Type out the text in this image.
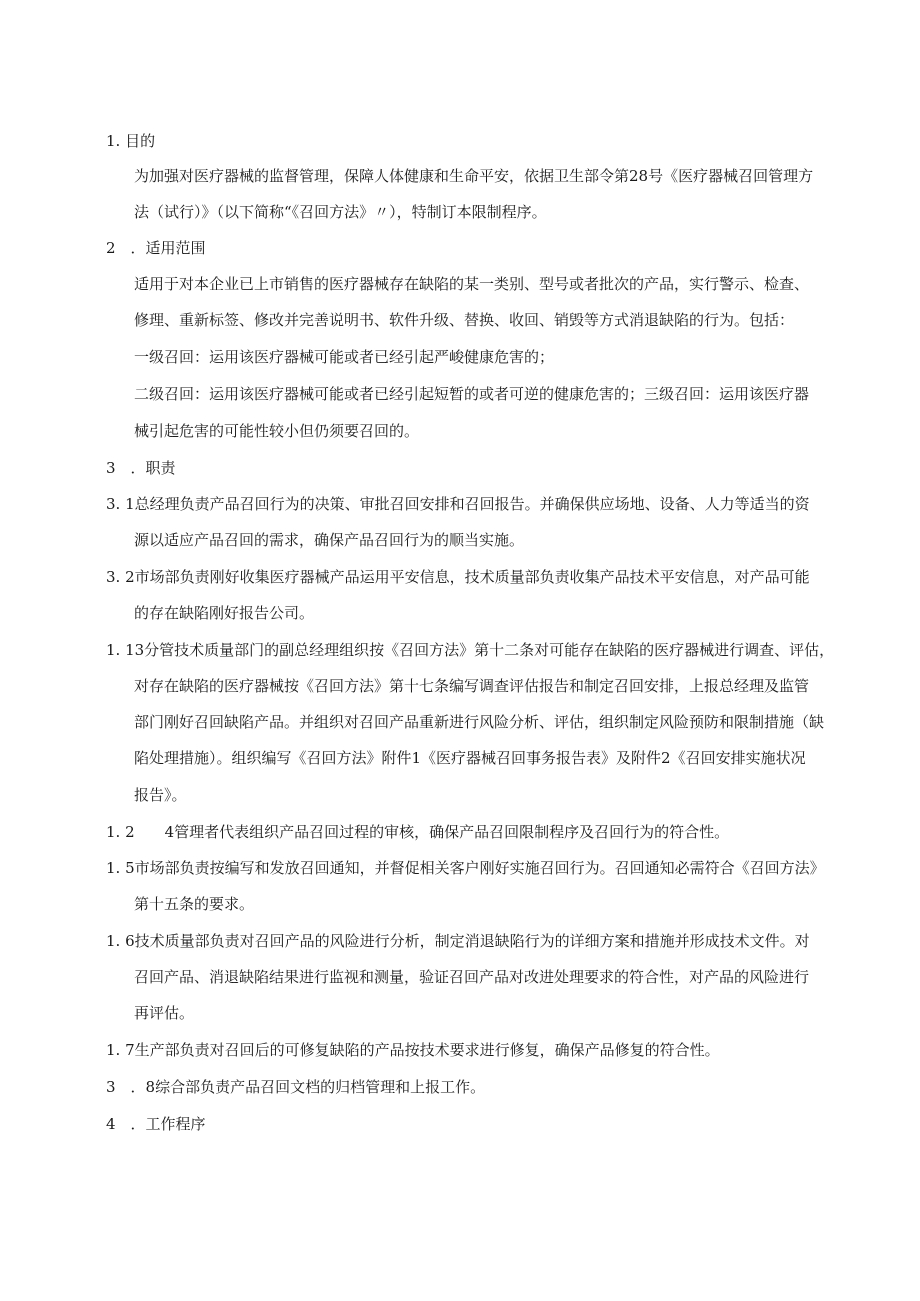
1. 目的
为加强对医疗器械的监督管理，保障人体健康和生命平安，依据卫生部令第28号《医疗器械召回管理方
法（试行）》（以下简称“《召回方法》〃），特制订本限制程序。
2　．适用范围
适用于对本企业已上市销售的医疗器械存在缺陷的某一类别、型号或者批次的产品，实行警示、检查、
修理、重新标签、修改并完善说明书、软件升级、替换、收回、销毁等方式消退缺陷的行为。包括：
一级召回：运用该医疗器械可能或者已经引起严峻健康危害的；
二级召回：运用该医疗器械可能或者已经引起短暂的或者可逆的健康危害的；三级召回：运用该医疗器
械引起危害的可能性较小但仍须要召回的。
3　．职责
3. 1总经理负责产品召回行为的决策、审批召回安排和召回报告。并确保供应场地、设备、人力等适当的资
源以适应产品召回的需求，确保产品召回行为的顺当实施。
3. 2市场部负责刚好收集医疗器械产品运用平安信息，技术质量部负责收集产品技术平安信息，对产品可能
的存在缺陷刚好报告公司。
1. 13分管技术质量部门的副总经理组织按《召回方法》第十二条对可能存在缺陷的医疗器械进行调查、评估，
对存在缺陷的医疗器械按《召回方法》第十七条编写调查评估报告和制定召回安排，上报总经理及监管
部门刚好召回缺陷产品。并组织对召回产品重新进行风险分析、评估，组织制定风险预防和限制措施（缺
陷处理措施）。组织编写《召回方法》附件1《医疗器械召回事务报告表》及附件2《召回安排实施状况
报告》。
1. 2　　4管理者代表组织产品召回过程的审核，确保产品召回限制程序及召回行为的符合性。
1. 5市场部负责按编写和发放召回通知，并督促相关客户刚好实施召回行为。召回通知必需符合《召回方法》
第十五条的要求。
1. 6技术质量部负责对召回产品的风险进行分析，制定消退缺陷行为的详细方案和措施并形成技术文件。对
召回产品、消退缺陷结果进行监视和测量，验证召回产品对改进处理要求的符合性，对产品的风险进行
再评估。
1. 7生产部负责对召回后的可修复缺陷的产品按技术要求进行修复，确保产品修复的符合性。
3　．8综合部负责产品召回文档的归档管理和上报工作。
4　．工作程序
